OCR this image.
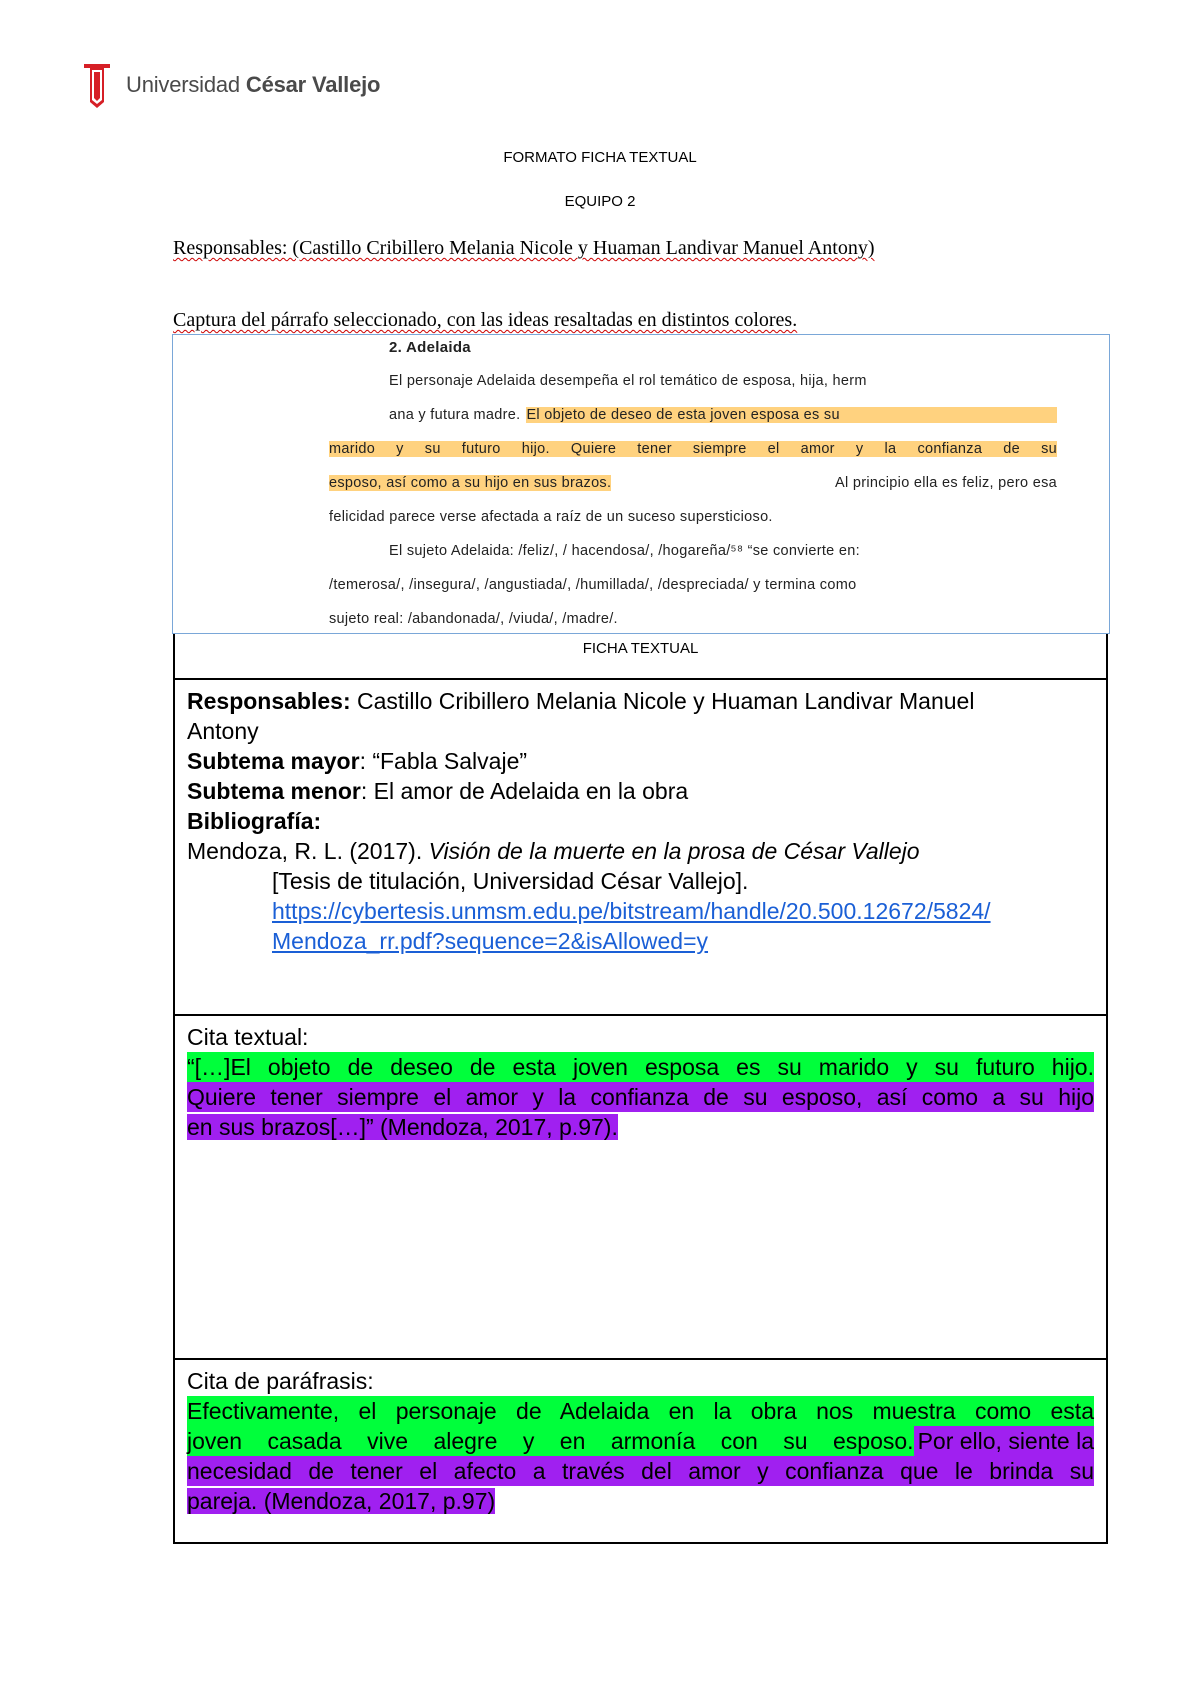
Universidad César Vallejo
FORMATO FICHA TEXTUAL
EQUIPO 2
Responsables: (Castillo Cribillero Melania Nicole y Huaman Landivar Manuel Antony)
Captura del párrafo seleccionado, con las ideas resaltadas en distintos colores.
2. Adelaida
El personaje Adelaida desempeña el rol temático de esposa, hija, herm
ana y futura madre. El objeto de deseo de esta joven esposa es su
marido y su futuro hijo. Quiere tener siempre el amor y la confianza de su
esposo, así como a su hijo en sus brazos.	Al principio ella es feliz, pero esa
felicidad parece verse afectada a raíz de un suceso supersticioso.
El sujeto Adelaida: /feliz/, / hacendosa/, /hogareña/⁵⁸ “se convierte en:
/temerosa/, /insegura/, /angustiada/, /humillada/, /despreciada/ y termina como
sujeto real: /abandonada/, /viuda/, /madre/.
FICHA TEXTUAL
Responsables: Castillo Cribillero Melania Nicole y Huaman Landivar Manuel
Antony
Subtema mayor: “Fabla Salvaje”
Subtema menor: El amor de Adelaida en la obra
Bibliografía:
Mendoza, R. L. (2017). Visión de la muerte en la prosa de César Vallejo
[Tesis de titulación, Universidad César Vallejo].
https://cybertesis.unmsm.edu.pe/bitstream/handle/20.500.12672/5824/
Mendoza_rr.pdf?sequence=2&isAllowed=y
Cita textual:
“[…]El objeto de deseo de esta joven esposa es su marido y su futuro hijo.
Quiere tener siempre el amor y la confianza de su esposo, así como a su hijo
en sus brazos[…]” (Mendoza, 2017, p.97).
Cita de paráfrasis:
Efectivamente, el personaje de Adelaida en la obra nos muestra como esta
joven casada vive alegre y en armonía con su esposo. Por ello, siente la
necesidad de tener el afecto a través del amor y confianza que le brinda su
pareja. (Mendoza, 2017, p.97)
